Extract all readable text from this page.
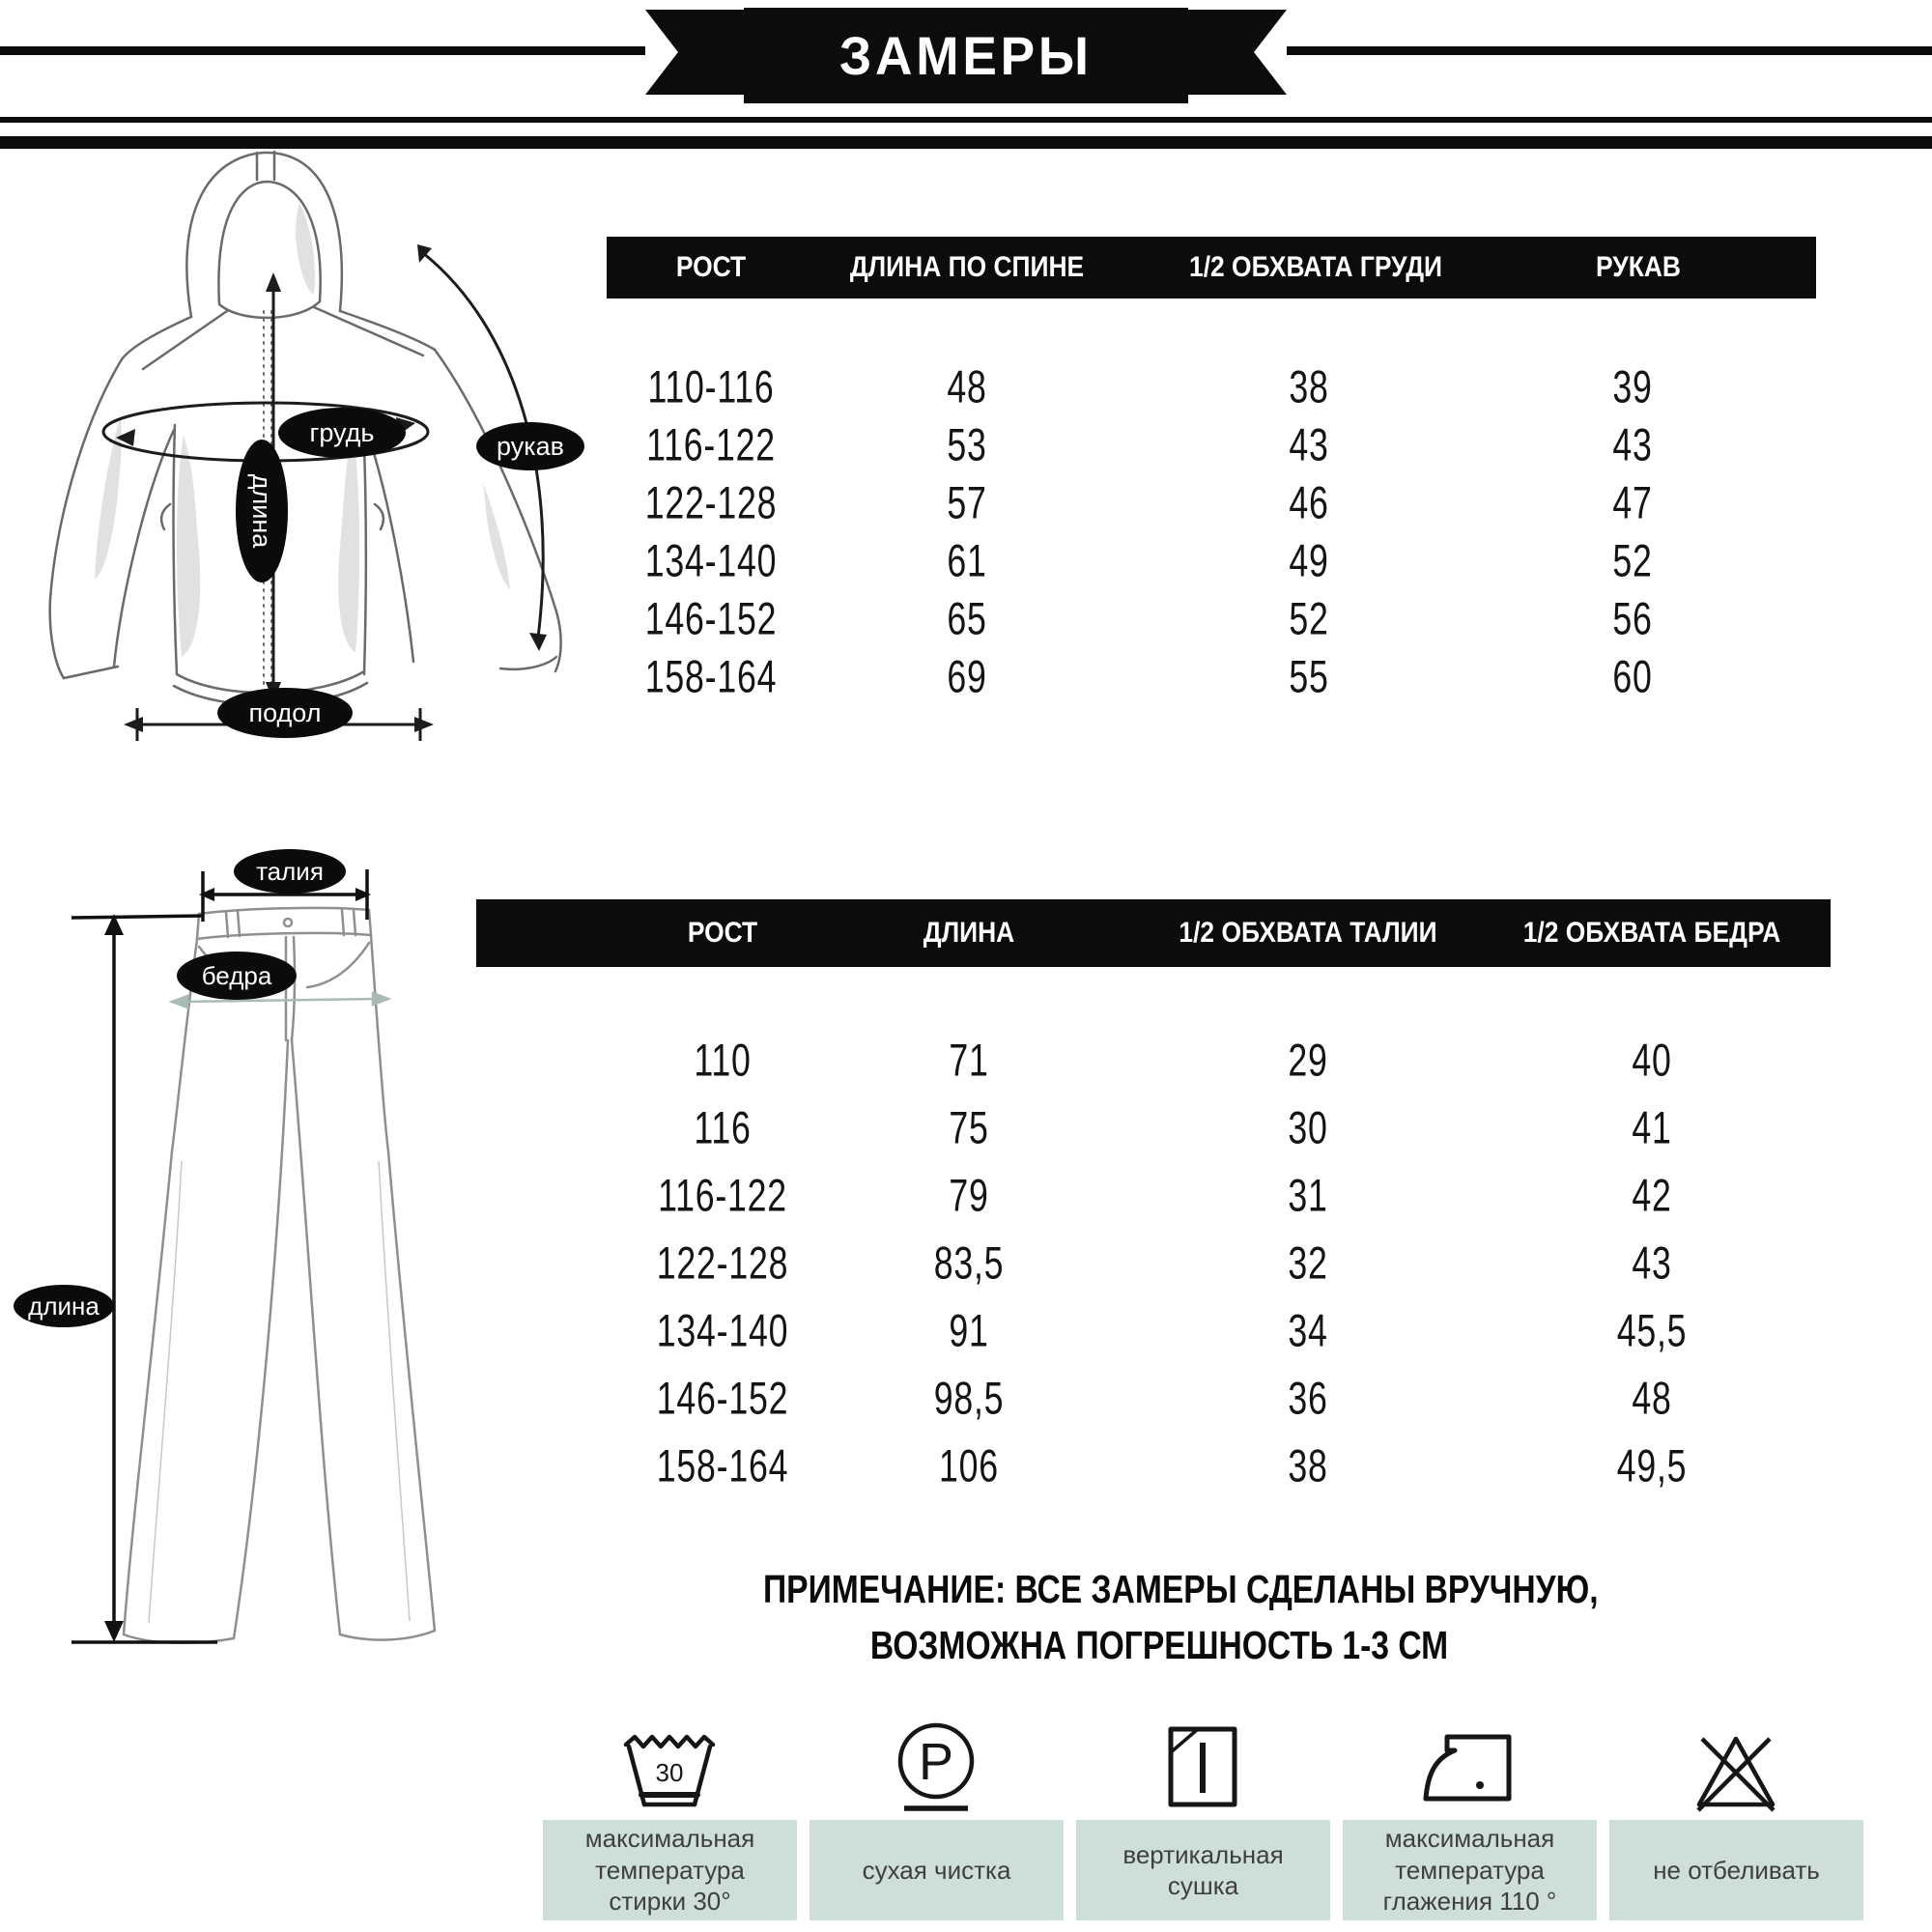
ЗАМЕРЫ
грудь	рукав
длина
подол
РОСТ	ДЛИНА ПО СПИНЕ	1/2 ОБХВАТА ГРУДИ	РУКАВ
110-116	48	38	39
116-122	53	43	43
122-128	57	46	47
134-140	61	49	52
146-152	65	52	56
158-164	69	55	60
талия
бедра
длина
РОСТ	ДЛИНА	1/2 ОБХВАТА ТАЛИИ	1/2 ОБХВАТА БЕДРА
110	71	29	40
116	75	30	41
116-122	79	31	42
122-128	83,5	32	43
134-140	91	34	45,5
146-152	98,5	36	48
158-164	106	38	49,5
ПРИМЕЧАНИЕ: ВСЕ ЗАМЕРЫ СДЕЛАНЫ ВРУЧНУЮ,
ВОЗМОЖНА ПОГРЕШНОСТЬ 1-3 СМ
30	P
максимальная температура стирки 30°
сухая чистка
вертикальная сушка
максимальная температура глажения 110 °
не отбеливать
